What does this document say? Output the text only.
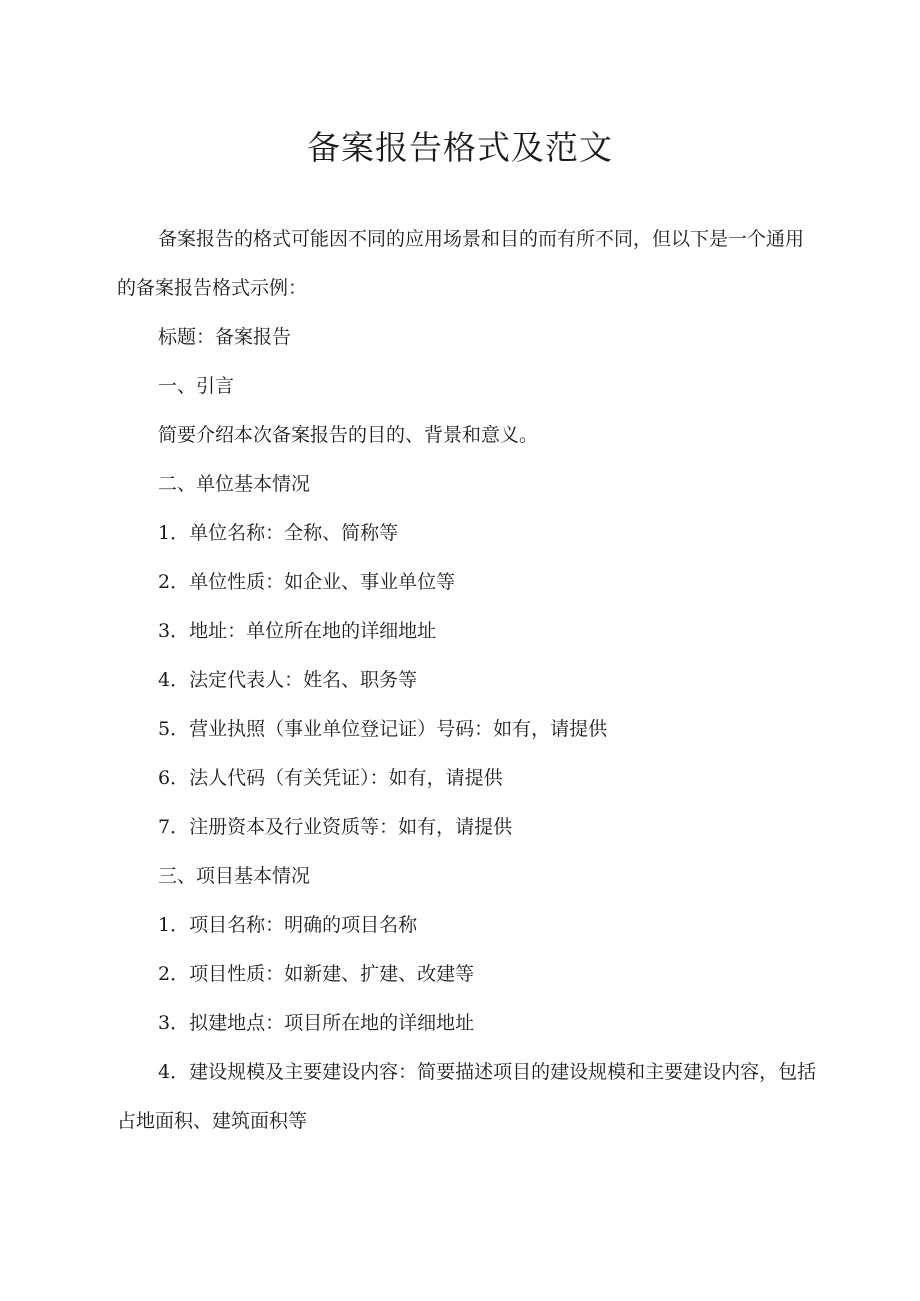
备案报告格式及范文

备案报告的格式可能因不同的应用场景和目的而有所不同，但以下是一个通用的备案报告格式示例：

标题：备案报告

一、引言

简要介绍本次备案报告的目的、背景和意义。

二、单位基本情况

1．单位名称：全称、简称等

2．单位性质：如企业、事业单位等

3．地址：单位所在地的详细地址

4．法定代表人：姓名、职务等

5．营业执照（事业单位登记证）号码：如有，请提供

6．法人代码（有关凭证）：如有，请提供

7．注册资本及行业资质等：如有，请提供

三、项目基本情况

1．项目名称：明确的项目名称

2．项目性质：如新建、扩建、改建等

3．拟建地点：项目所在地的详细地址

4．建设规模及主要建设内容：简要描述项目的建设规模和主要建设内容，包括占地面积、建筑面积等
